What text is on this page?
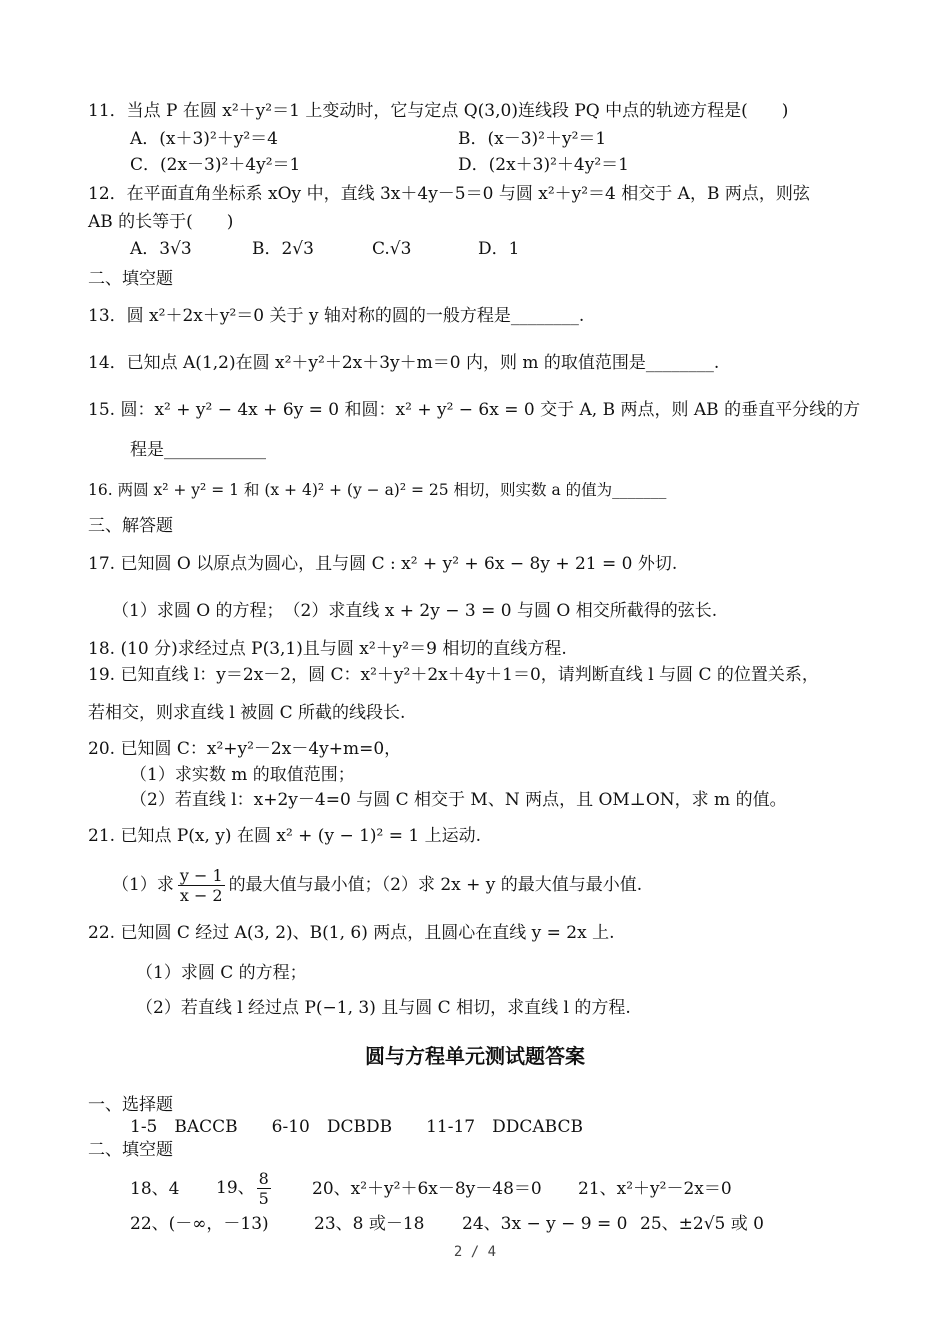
11．当点 P 在圆 x²＋y²＝1 上变动时，它与定点 Q(3,0)连线段 PQ 中点的轨迹方程是(　　)
A．(x＋3)²＋y²＝4	B．(x－3)²＋y²＝1
C．(2x－3)²＋4y²＝1	D．(2x＋3)²＋4y²＝1
12．在平面直角坐标系 xOy 中，直线 3x＋4y－5＝0 与圆 x²＋y²＝4 相交于 A，B 两点，则弦
AB 的长等于(　　)
A．3√3	B．2√3	C.√3	D．1
二、填空题
13．圆 x²＋2x＋y²＝0 关于 y 轴对称的圆的一般方程是________.
14．已知点 A(1,2)在圆 x²＋y²＋2x＋3y＋m＝0 内，则 m 的取值范围是________.
15. 圆：x² + y² − 4x + 6y = 0 和圆：x² + y² − 6x = 0 交于 A, B 两点，则 AB 的垂直平分线的方
程是____________
16. 两圆 x² + y² = 1 和 (x + 4)² + (y − a)² = 25 相切，则实数 a 的值为_______
三、解答题
17. 已知圆 O 以原点为圆心，且与圆 C : x² + y² + 6x − 8y + 21 = 0 外切.
（1）求圆 O 的方程；　（2）求直线 x + 2y − 3 = 0 与圆 O 相交所截得的弦长.
18. (10 分)求经过点 P(3,1)且与圆 x²＋y²＝9 相切的直线方程.
19. 已知直线 l：y＝2x－2，圆 C：x²＋y²＋2x＋4y＋1＝0，请判断直线 l 与圆 C 的位置关系，
若相交，则求直线 l 被圆 C 所截的线段长.
20. 已知圆 C：x²+y²－2x－4y+m=0，
（1）求实数 m 的取值范围；
（2）若直线 l：x+2y－4=0 与圆 C 相交于 M、N 两点，且 OM⊥ON，求 m 的值。
21. 已知点 P(x, y) 在圆 x² + (y − 1)² = 1 上运动.
（1）求 $\frac{y - 1}{x - 2}$ 的最大值与最小值；（2）求 2x + y 的最大值与最小值.
22. 已知圆 C 经过 A(3, 2)、B(1, 6) 两点，且圆心在直线 y = 2x 上.
（1）求圆 C 的方程；
（2）若直线 l 经过点 P(−1, 3) 且与圆 C 相切，求直线 l 的方程.
圆与方程单元测试题答案
一、选择题
1-5　BACCB　　6-10　DCBDB　　11-17　DDCABCB
二、填空题
18、4 19、 $\frac{8}{5} 20$、x²＋y²＋6x－8y－48＝0 21、x²＋y²－2x＝0
22、(－∞，－13)	23、8 或－18 24、3x − y − 9 = 0 25、±2√5 或 0
2 / 4
